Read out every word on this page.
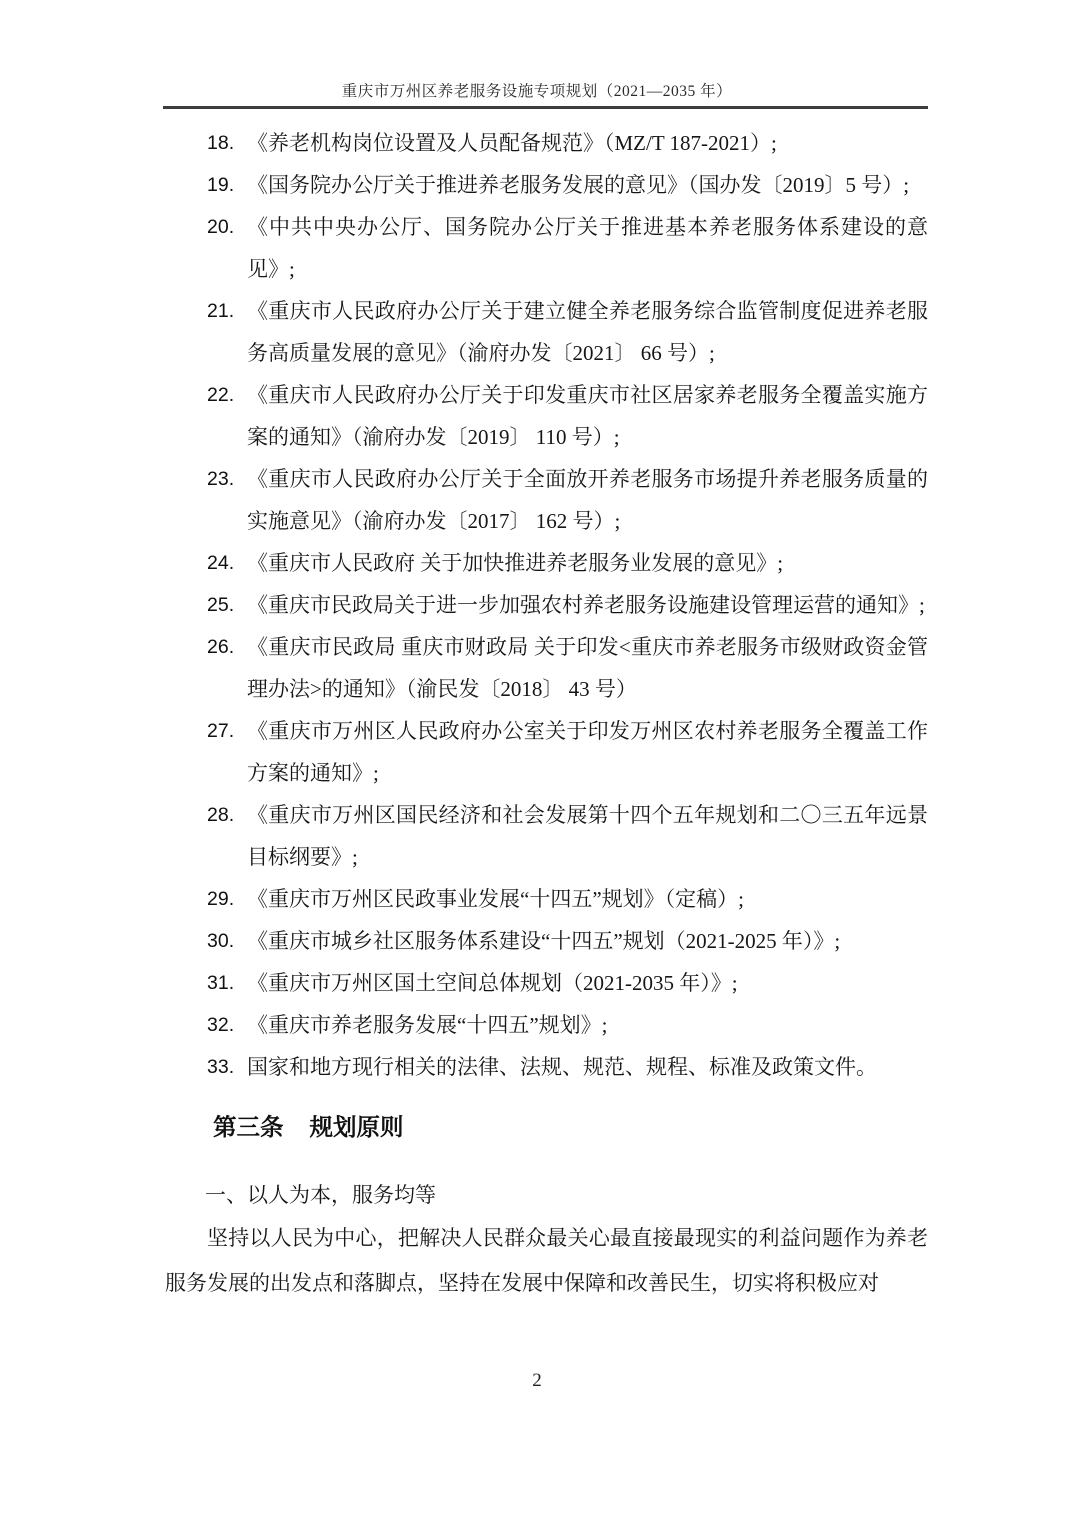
重庆市万州区养老服务设施专项规划（2021—2035 年）
18. 《养老机构岗位设置及人员配备规范》（MZ/T 187-2021）;
19. 《国务院办公厅关于推进养老服务发展的意见》（国办发〔2019〕5 号）;
20. 《中共中央办公厅、国务院办公厅关于推进基本养老服务体系建设的意见》;
21. 《重庆市人民政府办公厅关于建立健全养老服务综合监管制度促进养老服务高质量发展的意见》（渝府办发〔2021〕 66 号）;
22. 《重庆市人民政府办公厅关于印发重庆市社区居家养老服务全覆盖实施方案的通知》（渝府办发〔2019〕 110 号）;
23. 《重庆市人民政府办公厅关于全面放开养老服务市场提升养老服务质量的实施意见》（渝府办发〔2017〕 162 号）;
24. 《重庆市人民政府 关于加快推进养老服务业发展的意见》;
25. 《重庆市民政局关于进一步加强农村养老服务设施建设管理运营的通知》;
26. 《重庆市民政局 重庆市财政局 关于印发<重庆市养老服务市级财政资金管理办法>的通知》（渝民发〔2018〕 43 号）
27. 《重庆市万州区人民政府办公室关于印发万州区农村养老服务全覆盖工作方案的通知》;
28. 《重庆市万州区国民经济和社会发展第十四个五年规划和二〇三五年远景目标纲要》;
29. 《重庆市万州区民政事业发展“十四五”规划》（定稿）;
30. 《重庆市城乡社区服务体系建设“十四五”规划（2021-2025 年）》;
31. 《重庆市万州区国土空间总体规划（2021-2035 年）》;
32. 《重庆市养老服务发展“十四五”规划》;
33. 国家和地方现行相关的法律、法规、规范、规程、标准及政策文件。
第三条 规划原则
一、以人为本，服务均等

坚持以人民为中心，把解决人民群众最关心最直接最现实的利益问题作为养老服务发展的出发点和落脚点，坚持在发展中保障和改善民生，切实将积极应对

2
